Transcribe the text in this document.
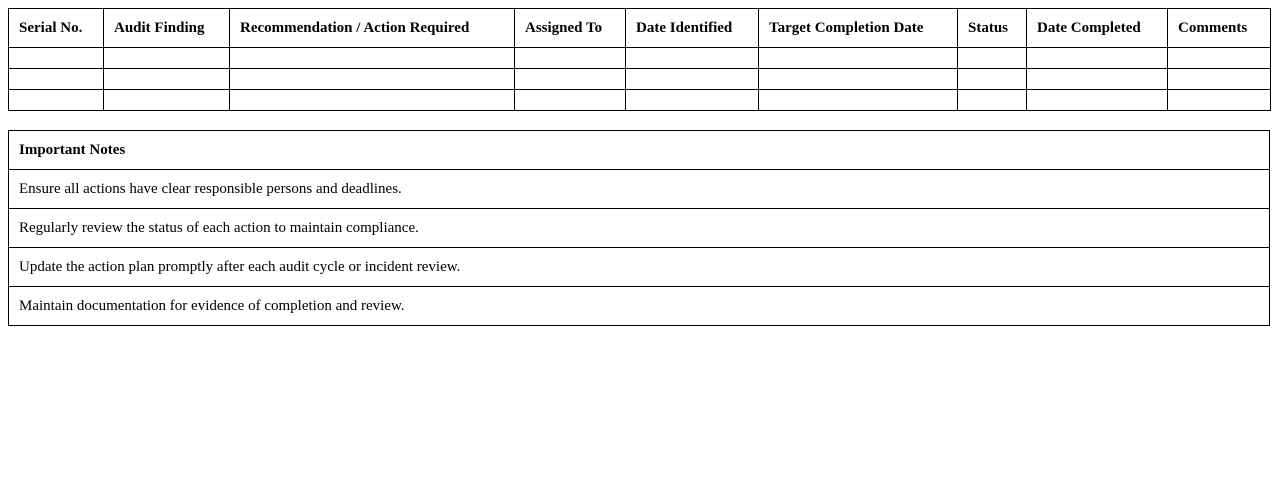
Serial No.	Audit Finding	Recommendation / Action Required	Assigned To	Date Identified	Target Completion Date	Status	Date Completed	Comments

Important Notes
Ensure all actions have clear responsible persons and deadlines.
Regularly review the status of each action to maintain compliance.
Update the action plan promptly after each audit cycle or incident review.
Maintain documentation for evidence of completion and review.
